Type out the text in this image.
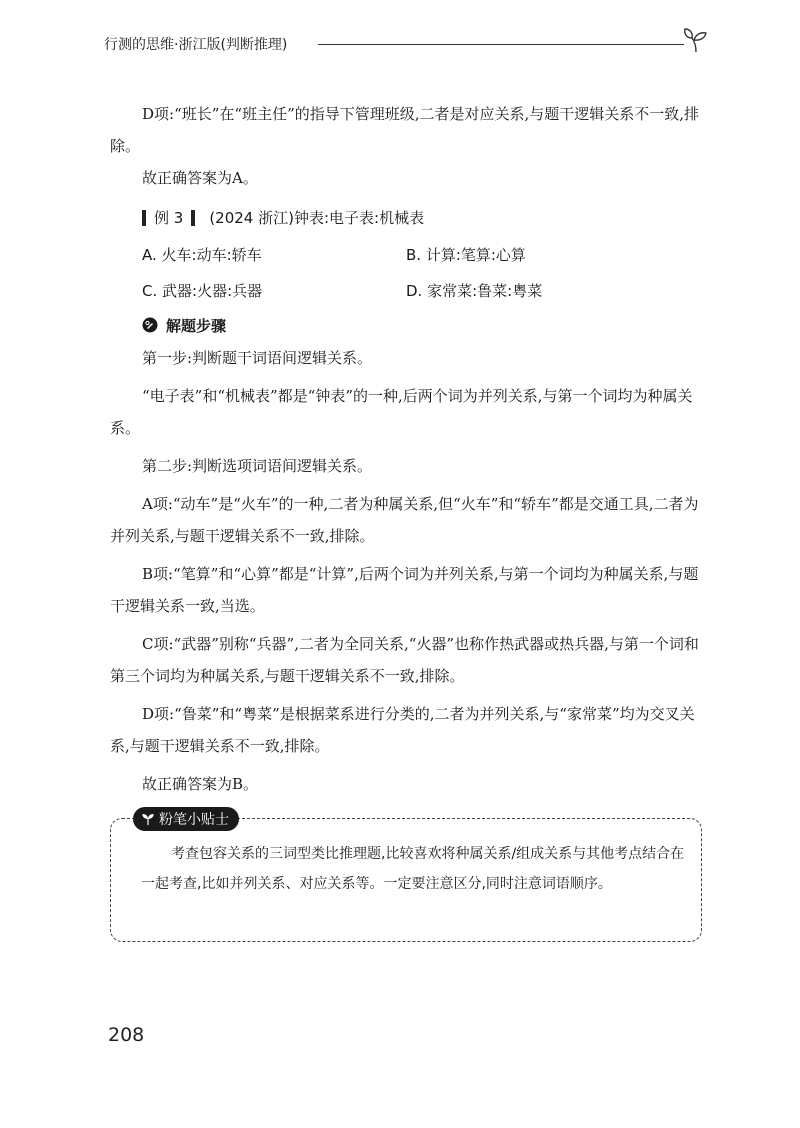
行测的思维·浙江版(判断推理)

D项:“班长”在“班主任”的指导下管理班级,二者是对应关系,与题干逻辑关系不一致,排除。

故正确答案为A。

例 3 (2024 浙江)钟表:电子表:机械表
A. 火车:动车:轿车	B. 计算:笔算:心算
C. 武器:火器:兵器	D. 家常菜:鲁菜:粤菜
解题步骤

第一步:判断题干词语间逻辑关系。

“电子表”和“机械表”都是“钟表”的一种,后两个词为并列关系,与第一个词均为种属关系。

第二步:判断选项词语间逻辑关系。

A项:“动车”是“火车”的一种,二者为种属关系,但“火车”和“轿车”都是交通工具,二者为并列关系,与题干逻辑关系不一致,排除。

B项:“笔算”和“心算”都是“计算”,后两个词为并列关系,与第一个词均为种属关系,与题干逻辑关系一致,当选。

C项:“武器”别称“兵器”,二者为全同关系,“火器”也称作热武器或热兵器,与第一个词和第三个词均为种属关系,与题干逻辑关系不一致,排除。

D项:“鲁菜”和“粤菜”是根据菜系进行分类的,二者为并列关系,与“家常菜”均为交叉关系,与题干逻辑关系不一致,排除。

故正确答案为B。

粉笔小贴士

考查包容关系的三词型类比推理题,比较喜欢将种属关系/组成关系与其他考点结合在一起考查,比如并列关系、对应关系等。一定要注意区分,同时注意词语顺序。

208
